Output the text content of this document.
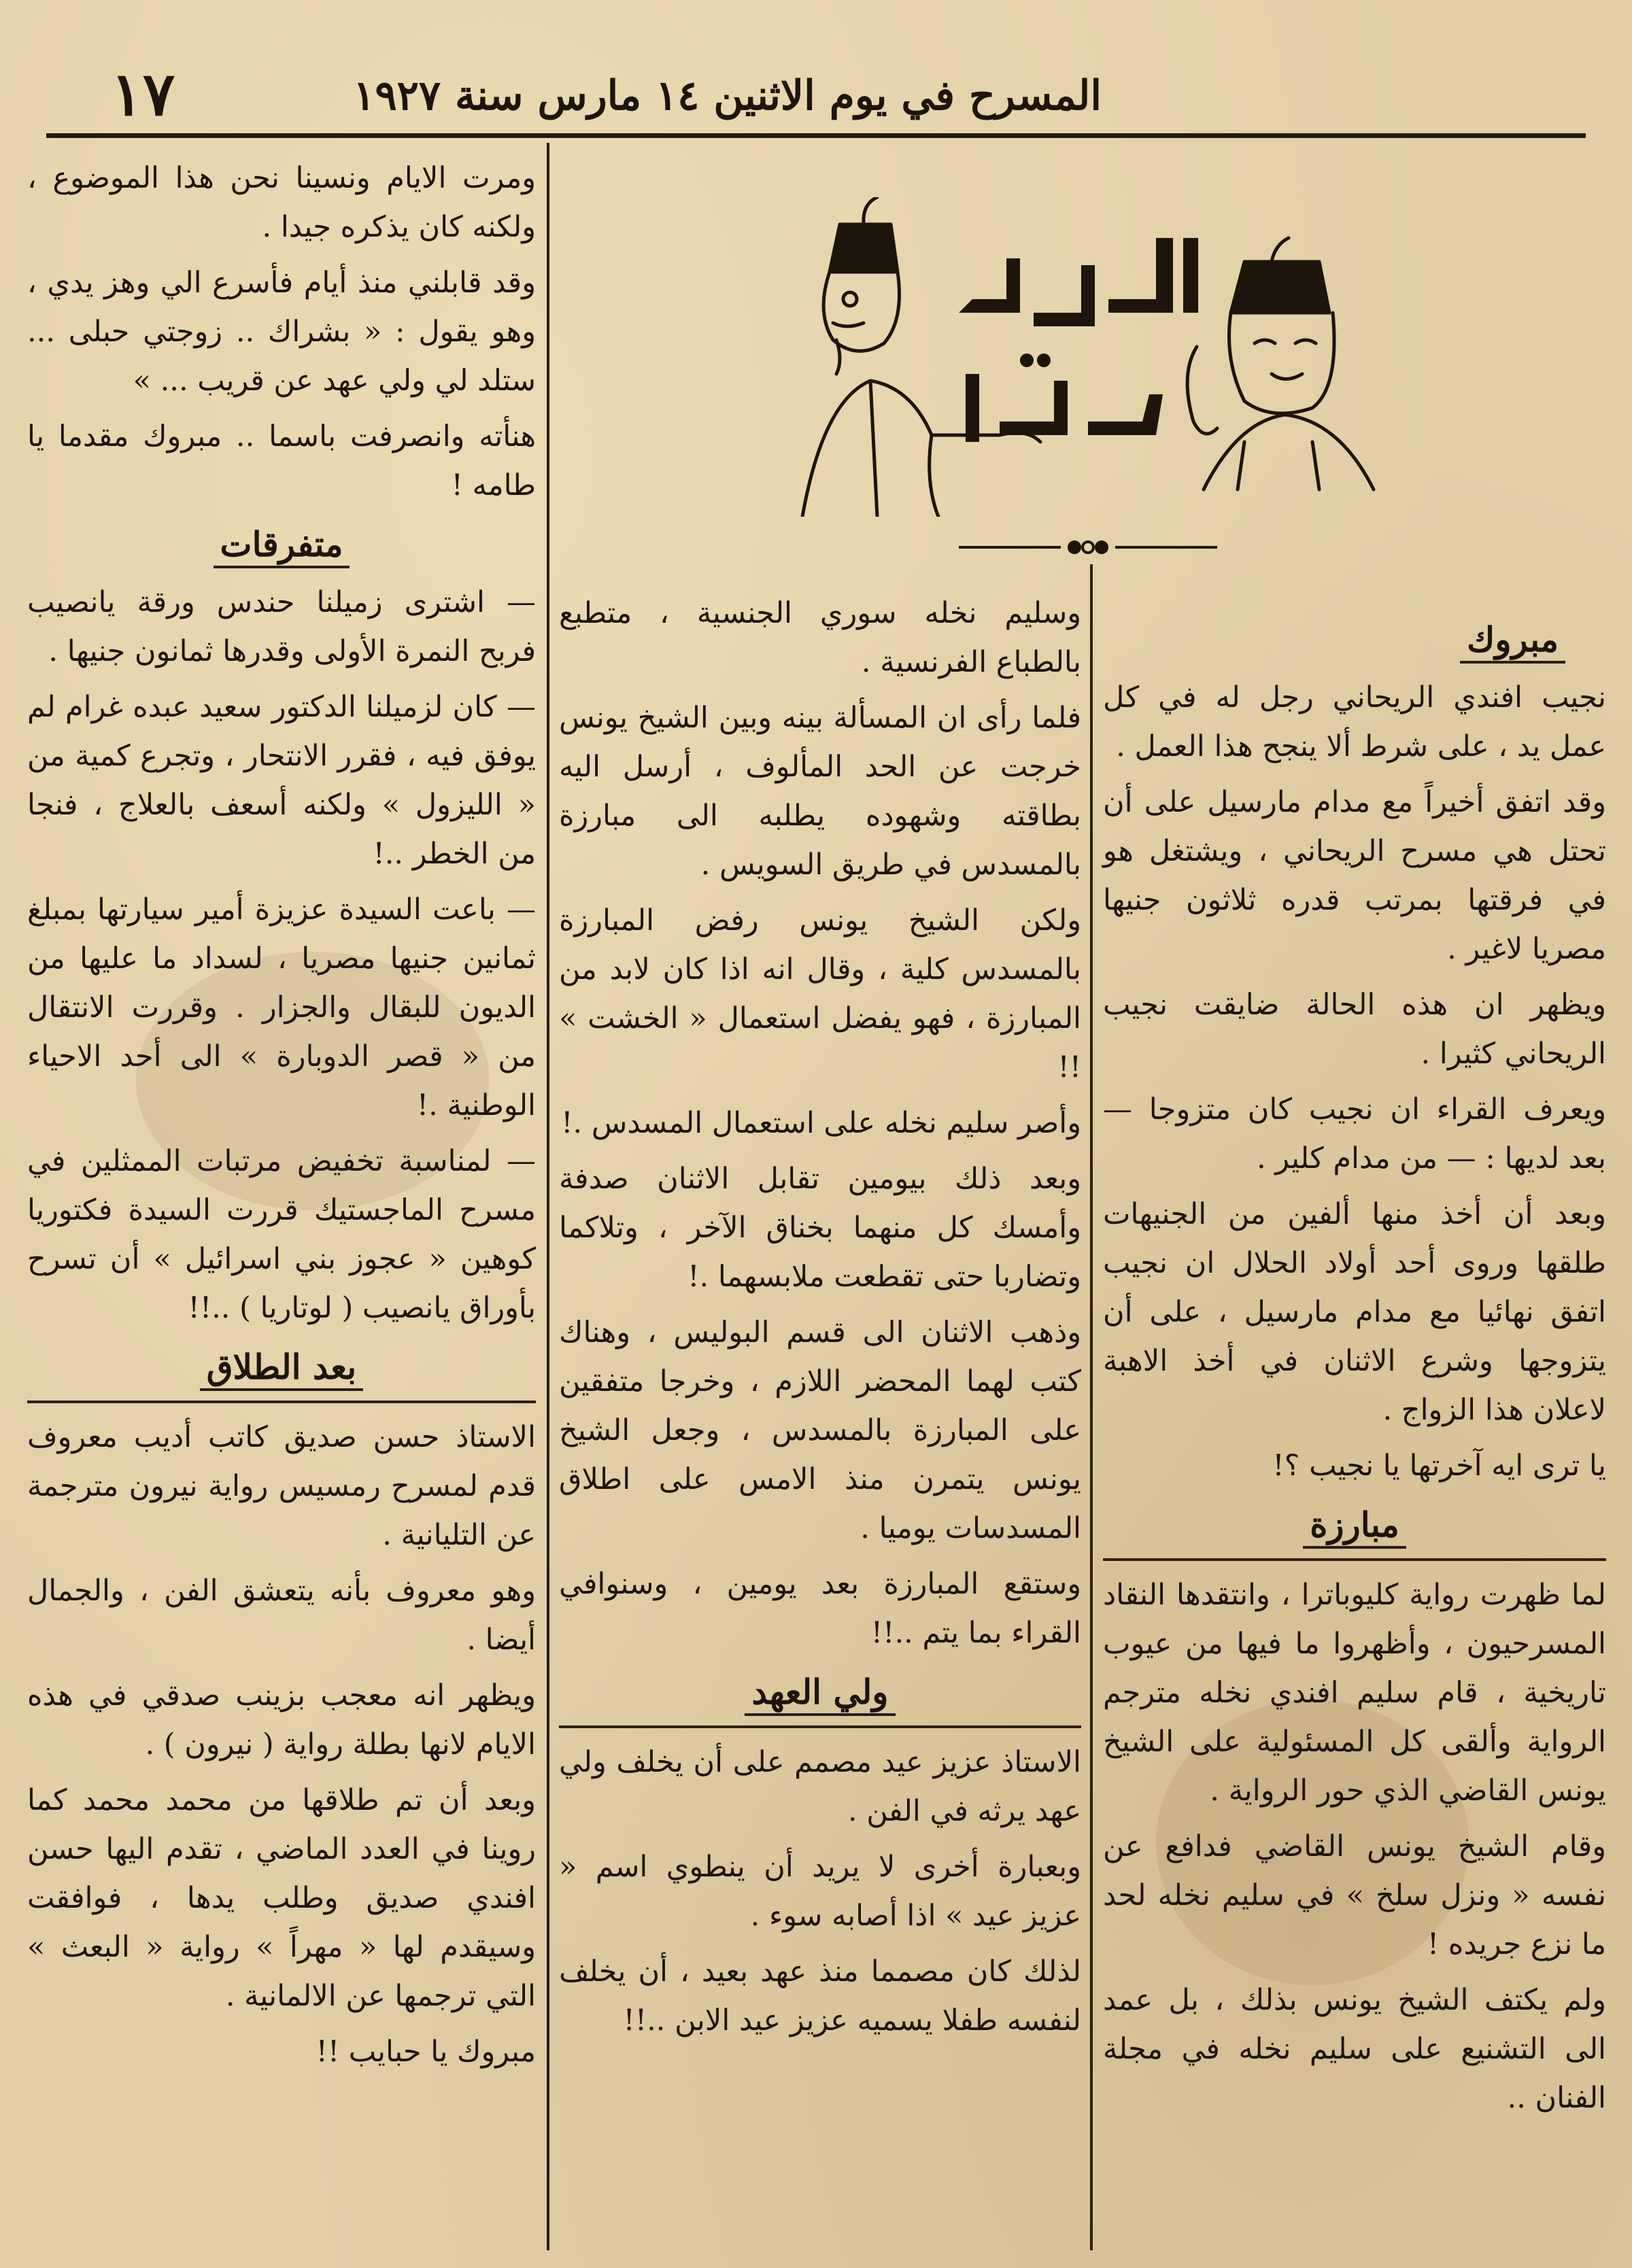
المسرح في يوم الاثنين ١٤ مارس سنة ١٩٢٧
١٧

ومرت الايام ونسينا نحن هذا الموضوع ، ولكنه كان يذكره جيدا .

وقد قابلني منذ أيام فأسرع الي وهز يدي ، وهو يقول : « بشراك .. زوجتي حبلى ... ستلد لي ولي عهد عن قريب ... »

هنأته وانصرفت باسما .. مبروك مقدما يا طامه !

متفرقات

— اشترى زميلنا حندس ورقة يانصيب فربح النمرة الأولى وقدرها ثمانون جنيها .

— كان لزميلنا الدكتور سعيد عبده غرام لم يوفق فيه ، فقرر الانتحار ، وتجرع كمية من « الليزول » ولكنه أسعف بالعلاج ، فنجا من الخطر ..!

— باعت السيدة عزيزة أمير سيارتها بمبلغ ثمانين جنيها مصريا ، لسداد ما عليها من الديون للبقال والجزار . وقررت الانتقال من « قصر الدوبارة » الى أحد الاحياء الوطنية .!

— لمناسبة تخفيض مرتبات الممثلين في مسرح الماجستيك قررت السيدة فكتوريا كوهين « عجوز بني اسرائيل » أن تسرح بأوراق يانصيب ( لوتاريا ) ..!!

بعد الطلاق

الاستاذ حسن صديق كاتب أديب معروف قدم لمسرح رمسيس رواية نيرون مترجمة عن التليانية .

وهو معروف بأنه يتعشق الفن ، والجمال أيضا .

ويظهر انه معجب بزينب صدقي في هذه الايام لانها بطلة رواية ( نيرون ) .

وبعد أن تم طلاقها من محمد محمد كما روينا في العدد الماضي ، تقدم اليها حسن افندي صديق وطلب يدها ، فوافقت وسيقدم لها « مهراً » رواية « البعث » التي ترجمها عن الالمانية .

مبروك يا حبايب !!

وسليم نخله سوري الجنسية ، متطبع بالطباع الفرنسية .

فلما رأى ان المسألة بينه وبين الشيخ يونس خرجت عن الحد المألوف ، أرسل اليه بطاقته وشهوده يطلبه الى مبارزة بالمسدس في طريق السويس .

ولكن الشيخ يونس رفض المبارزة بالمسدس كلية ، وقال انه اذا كان لابد من المبارزة ، فهو يفضل استعمال « الخشت » !!

وأصر سليم نخله على استعمال المسدس .!

وبعد ذلك بيومين تقابل الاثنان صدفة وأمسك كل منهما بخناق الآخر ، وتلاكما وتضاربا حتى تقطعت ملابسهما .!

وذهب الاثنان الى قسم البوليس ، وهناك كتب لهما المحضر اللازم ، وخرجا متفقين على المبارزة بالمسدس ، وجعل الشيخ يونس يتمرن منذ الامس على اطلاق المسدسات يوميا .

وستقع المبارزة بعد يومين ، وسنوافي القراء بما يتم ..!!

ولي العهد

الاستاذ عزيز عيد مصمم على أن يخلف ولي عهد يرثه في الفن .

وبعبارة أخرى لا يريد أن ينطوي اسم « عزيز عيد » اذا أصابه سوء .

لذلك كان مصمما منذ عهد بعيد ، أن يخلف لنفسه طفلا يسميه عزيز عيد الابن ..!!

مبروك

نجيب افندي الريحاني رجل له في كل عمل يد ، على شرط ألا ينجح هذا العمل .

وقد اتفق أخيراً مع مدام مارسيل على أن تحتل هي مسرح الريحاني ، ويشتغل هو في فرقتها بمرتب قدره ثلاثون جنيها مصريا لاغير .

ويظهر ان هذه الحالة ضايقت نجيب الريحاني كثيرا .

ويعرف القراء ان نجيب كان متزوجا — بعد لديها : — من مدام كلير .

وبعد أن أخذ منها ألفين من الجنيهات طلقها وروى أحد أولاد الحلال ان نجيب اتفق نهائيا مع مدام مارسيل ، على أن يتزوجها وشرع الاثنان في أخذ الاهبة لاعلان هذا الزواج .

يا ترى ايه آخرتها يا نجيب ؟!

مبارزة

لما ظهرت رواية كليوباترا ، وانتقدها النقاد المسرحيون ، وأظهروا ما فيها من عيوب تاريخية ، قام سليم افندي نخله مترجم الرواية وألقى كل المسئولية على الشيخ يونس القاضي الذي حور الرواية .

وقام الشيخ يونس القاضي فدافع عن نفسه « ونزل سلخ » في سليم نخله لحد ما نزع جريده !

ولم يكتف الشيخ يونس بذلك ، بل عمد الى التشنيع على سليم نخله في مجلة الفنان ..
